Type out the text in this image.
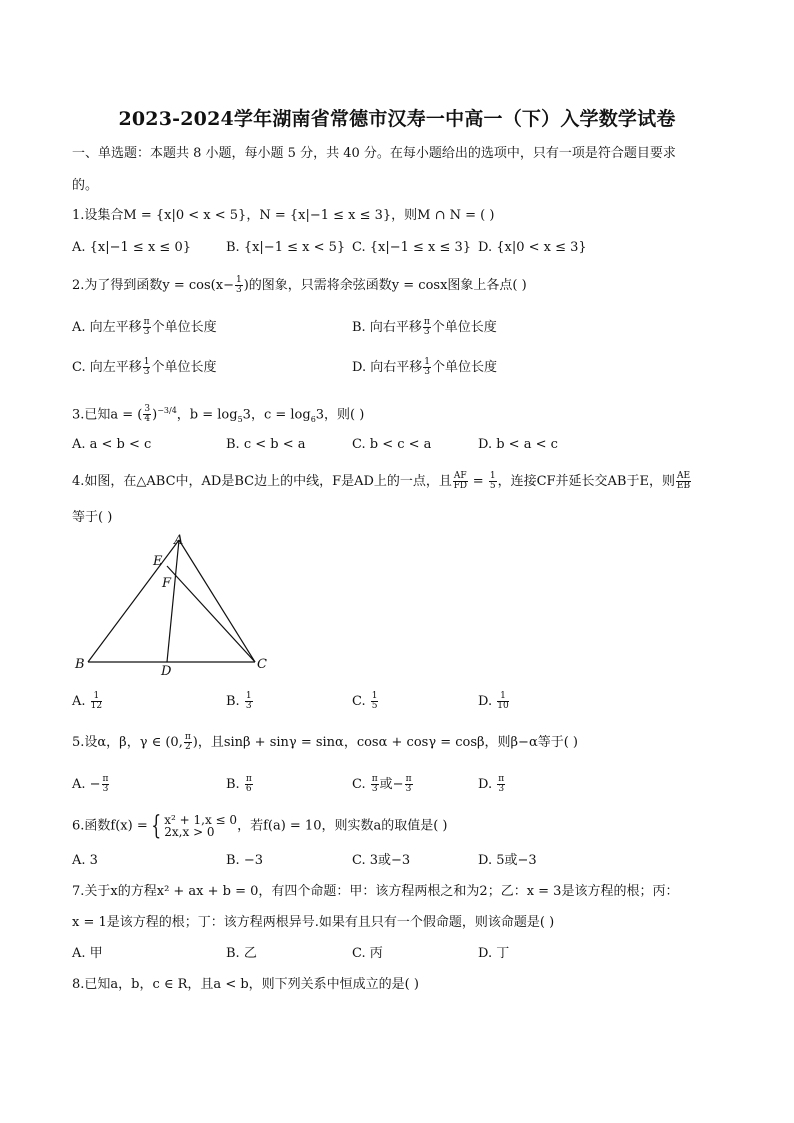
2023-2024学年湖南省常德市汉寿一中高一（下）入学数学试卷
一、单选题：本题共 8 小题，每小题 5 分，共 40 分。在每小题给出的选项中，只有一项是符合题目要求
的。
1.设集合M = {x|0 < x < 5}，N = {x|−1 ≤ x ≤ 3}，则M ∩ N = ( )
A. {x|−1 ≤ x ≤ 0}	B. {x|−1 ≤ x < 5} C. {x|−1 ≤ x ≤ 3} D. {x|0 < x ≤ 3}
2.为了得到函数$y = \cos(x- \frac{1}{3}$ )的图象，只需将余弦函数y = cosx图象上各点( )
A. 向左平移 $\frac{\pi}{3}$ 个单位长度	B. 向右平移 $\frac{\pi}{3}$ 个单位长度
C. 向左平移 $\frac{1}{3}$ 个单位长度	D. 向右平移 $\frac{1}{3}$ 个单位长度
3.已知a = ( $\frac{3}{4} )^{-3/4}$，$b = \log_53$，$c = \log_63$，则( )
A. a < b < c	B. c < b < a	C. b < c < a	D. b < a < c
4.如图，在△ABC中，AD是BC边上的中线，F是AD上的一点，且 $\frac{AF}{FD} = \frac{1}{5}$ ，连接CF并延长交AB于E，则 $\frac{AE}{EB}$
等于( )
A
B	C
D
E
F
A. $\frac{1}{12}$	B. $\frac{1}{3}$	C. $\frac{1}{5}$	D. $\frac{1}{10}$
5.设α，β，γ ∈ (0, $\frac{\pi}{2}$ )，且sinβ + sinγ = sinα，cosα + cosγ = cosβ，则β−α等于( )
A. − $\frac{\pi}{3}$	B. $\frac{\pi}{6}$	C. $\frac{\pi}{3}$ 或− $\frac{\pi}{3}$	D. $\frac{\pi}{3}$
6.函数f(x) = { x² + 1,x ≤ 0
2x,x > 0	，若f(a) = 10，则实数a的取值是( )
A. 3	B. −3	C. 3或−3	D. 5或−3
7.关于x的方程x² + ax + b = 0，有四个命题：甲：该方程两根之和为2；乙：x = 3是该方程的根；丙：
x = 1是该方程的根；丁：该方程两根异号.如果有且只有一个假命题，则该命题是( )
A. 甲	B. 乙	C. 丙	D. 丁
8.已知a，b，c ∈ R，且a < b，则下列关系中恒成立的是( )
